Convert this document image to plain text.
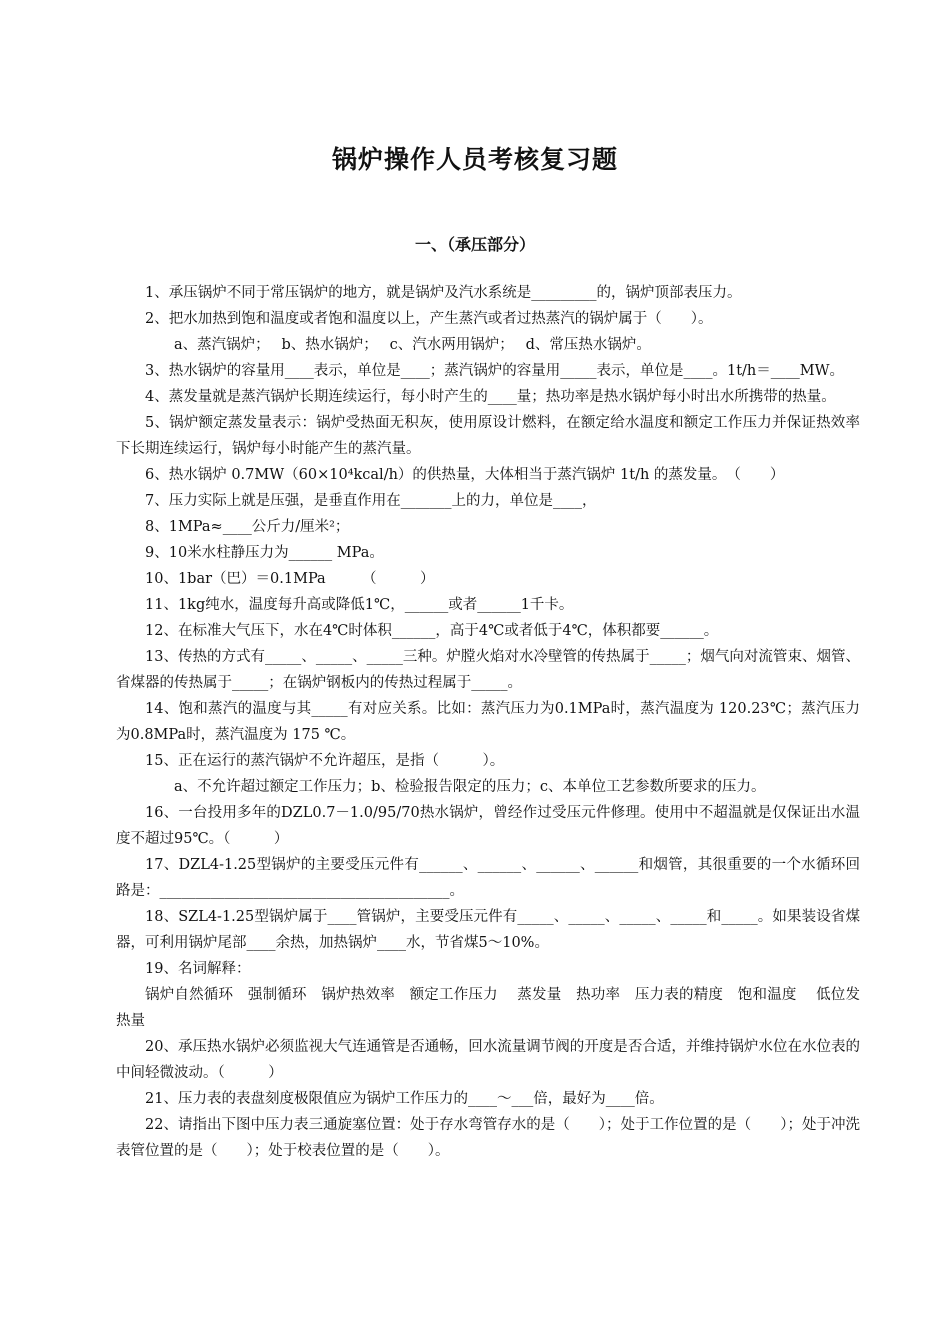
锅炉操作人员考核复习题
一、（承压部分）

1、承压锅炉不同于常压锅炉的地方，就是锅炉及汽水系统是_________的，锅炉顶部表压力。

2、把水加热到饱和温度或者饱和温度以上，产生蒸汽或者过热蒸汽的锅炉属于（　　）。

a、蒸汽锅炉；　 b、热水锅炉；　 c、汽水两用锅炉；　 d、常压热水锅炉。

3、热水锅炉的容量用____表示，单位是____；蒸汽锅炉的容量用_____表示，单位是____。1t/h＝____MW。

4、蒸发量就是蒸汽锅炉长期连续运行，每小时产生的____量；热功率是热水锅炉每小时出水所携带的热量。

5、锅炉额定蒸发量表示：锅炉受热面无积灰，使用原设计燃料，在额定给水温度和额定工作压力并保证热效率下长期连续运行，锅炉每小时能产生的蒸汽量。

6、热水锅炉 0.7MW（60×10⁴kcal/h）的供热量，大体相当于蒸汽锅炉 1t/h 的蒸发量。　（　　）

7、压力实际上就是压强，是垂直作用在_______上的力，单位是____，

8、1MPa≈____公斤力/厘米²；

9、10米水柱静压力为______ MPa。

10、1bar（巴）＝0.1MPa　　　（　　　）

11、1kg纯水，温度每升高或降低1℃，______或者______1千卡。

12、在标准大气压下，水在4℃时体积______，高于4℃或者低于4℃，体积都要______。

13、传热的方式有_____、_____、_____三种。炉膛火焰对水冷壁管的传热属于_____；烟气向对流管束、烟管、省煤器的传热属于_____；在锅炉钢板内的传热过程属于_____。

14、饱和蒸汽的温度与其_____有对应关系。比如：蒸汽压力为0.1MPa时，蒸汽温度为 120.23℃；蒸汽压力为0.8MPa时，蒸汽温度为 175 ℃。

15、正在运行的蒸汽锅炉不允许超压，是指（　　　）。

a、不允许超过额定工作压力；b、检验报告限定的压力；c、本单位工艺参数所要求的压力。

16、一台投用多年的DZL0.7－1.0/95/70热水锅炉，曾经作过受压元件修理。使用中不超温就是仅保证出水温度不超过95℃。（　　　）

17、DZL4-1.25型锅炉的主要受压元件有______、______、______、______和烟管，其很重要的一个水循环回路是：________________________________________。

18、SZL4-1.25型锅炉属于____管锅炉，主要受压元件有_____、_____、_____、_____和_____。如果装设省煤器，可利用锅炉尾部____余热，加热锅炉____水，节省煤5～10%。

19、名词解释：

锅炉自然循环　强制循环　锅炉热效率　额定工作压力　 蒸发量　热功率　压力表的精度　饱和温度　 低位发热量

20、承压热水锅炉必须监视大气连通管是否通畅，回水流量调节阀的开度是否合适，并维持锅炉水位在水位表的中间轻微波动。（　　　）

21、压力表的表盘刻度极限值应为锅炉工作压力的____～___倍，最好为____倍。

22、请指出下图中压力表三通旋塞位置：处于存水弯管存水的是（　　）；处于工作位置的是（　　）；处于冲洗表管位置的是（　　）；处于校表位置的是（　　）。
